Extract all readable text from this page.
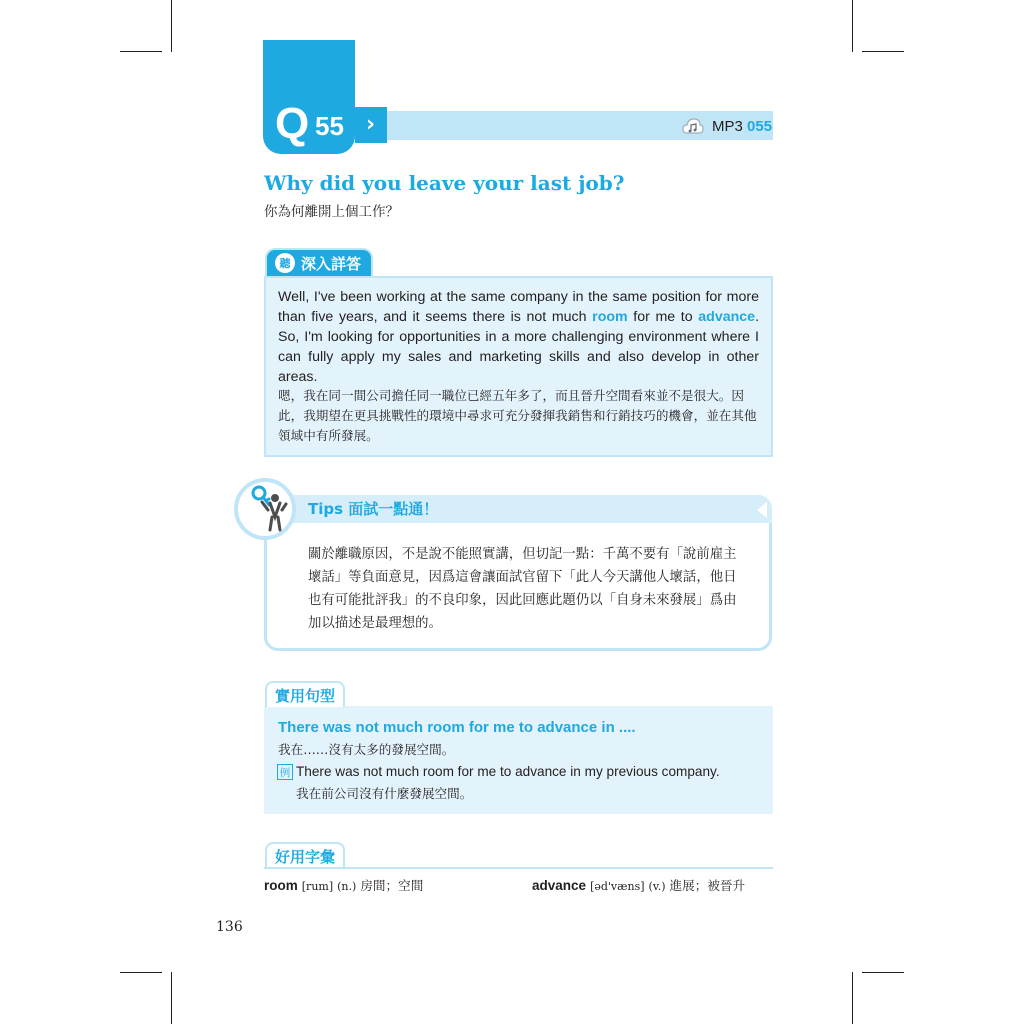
Q 55 ›	MP3 055
Why did you leave your last job?
你為何離開上個工作？
聽 深入詳答
Well, I've been working at the same company in the same position for more than five years, and it seems there is not much room for me to advance. So, I'm looking for opportunities in a more challenging environment where I can fully apply my sales and marketing skills and also develop in other areas.
嗯，我在同一間公司擔任同一職位已經五年多了，而且晉升空間看來並不是很大。因此，我期望在更具挑戰性的環境中尋求可充分發揮我銷售和行銷技巧的機會，並在其他領域中有所發展。
Tips 面試一點通！
關於離職原因，不是說不能照實講，但切記一點：千萬不要有「說前雇主壞話」等負面意見，因爲這會讓面試官留下「此人今天講他人壞話，他日也有可能批評我」的不良印象，因此回應此題仍以「自身未來發展」爲由加以描述是最理想的。
實用句型
There was not much room for me to advance in ....
我在……沒有太多的發展空間。
例 There was not much room for me to advance in my previous company.
我在前公司沒有什麼發展空間。
好用字彙
room [rum] (n.) 房間；空間	advance [əd'væns] (v.) 進展；被晉升
136
